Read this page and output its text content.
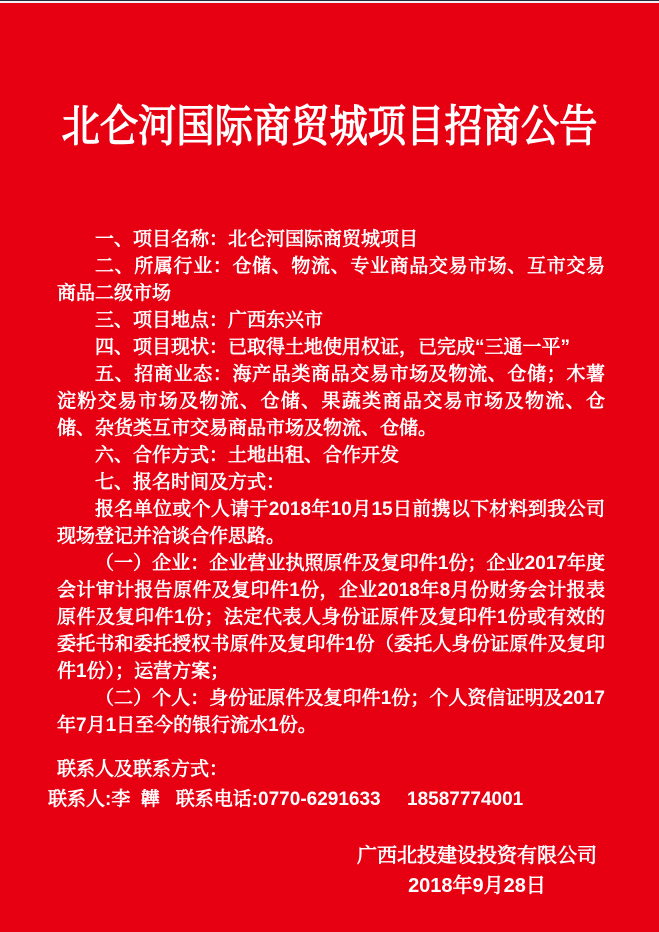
北仑河国际商贸城项目招商公告

一、项目名称：北仑河国际商贸城项目

二、所属行业：仓储、物流、专业商品交易市场、互市交易商品二级市场

三、项目地点：广西东兴市

四、项目现状：已取得土地使用权证，已完成“三通一平”

五、招商业态：海产品类商品交易市场及物流、仓储；木薯淀粉交易市场及物流、仓储、果蔬类商品交易市场及物流、仓储、杂货类互市交易商品市场及物流、仓储。

六、合作方式：土地出租、合作开发

七、报名时间及方式：

报名单位或个人请于2018年10月15日前携以下材料到我公司现场登记并洽谈合作思路。

（一）企业：企业营业执照原件及复印件1份；企业2017年度会计审计报告原件及复印件1份，企业2018年8月份财务会计报表原件及复印件1份；法定代表人身份证原件及复印件1份或有效的委托书和委托授权书原件及复印件1份（委托人身份证原件及复印件1份）；运营方案；

（二）个人：身份证原件及复印件1份；个人资信证明及2017年7月1日至今的银行流水1份。

联系人及联系方式：
联系人:李  韡   联系电话:0770-6291633     18587774001
广西北投建设投资有限公司
2018年9月28日
